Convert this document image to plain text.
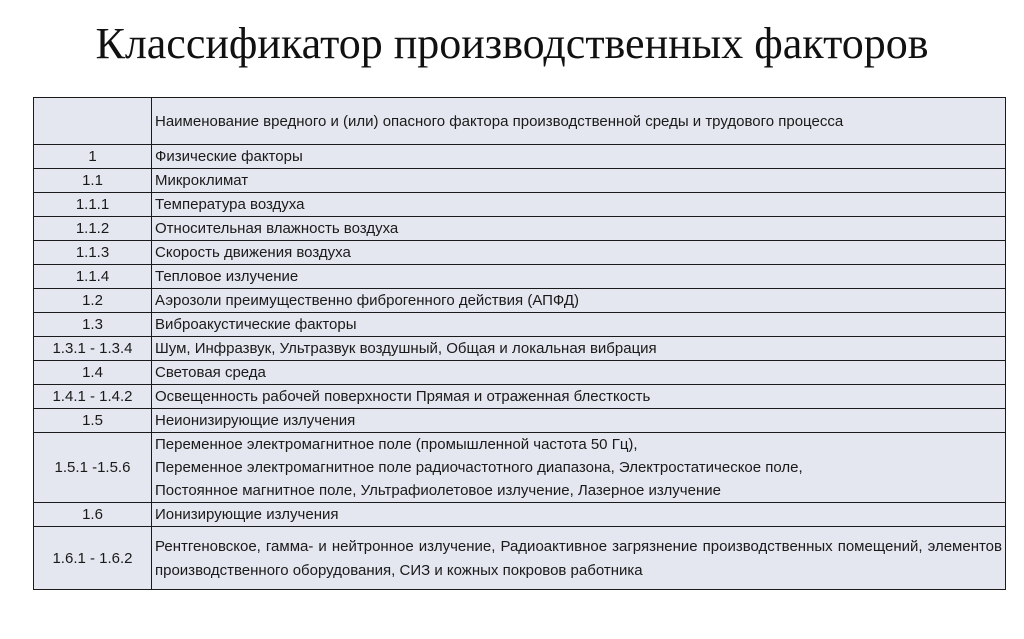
Классификатор производственных факторов
	Наименование вредного и (или) опасного фактора производственной среды и трудового процесса
1	Физические факторы

1.1	Микроклимат

1.1.1	Температура воздуха

1.1.2	Относительная влажность воздуха

1.1.3	Скорость движения воздуха

1.1.4	Тепловое излучение

1.2	Аэрозоли преимущественно фиброгенного действия (АПФД)

1.3	Виброакустические факторы

1.3.1 - 1.3.4	Шум, Инфразвук, Ультразвук воздушный, Общая и локальная вибрация

1.4	Световая среда

1.4.1 - 1.4.2	Освещенность рабочей поверхности Прямая и отраженная блесткость

1.5	Неионизирующие излучения

1.5.1 -1.5.6	Переменное электромагнитное поле (промышленной частота 50 Гц),
Переменное электромагнитное поле радиочастотного диапазона, Электростатическое поле,
Постоянное магнитное поле, Ультрафиолетовое излучение, Лазерное излучение

1.6	Ионизирующие излучения

1.6.1 - 1.6.2	Рентгеновское, гамма- и нейтронное излучение, Радиоактивное загрязнение производственных помещений, элементов производственного оборудования, СИЗ и кожных покровов работника
